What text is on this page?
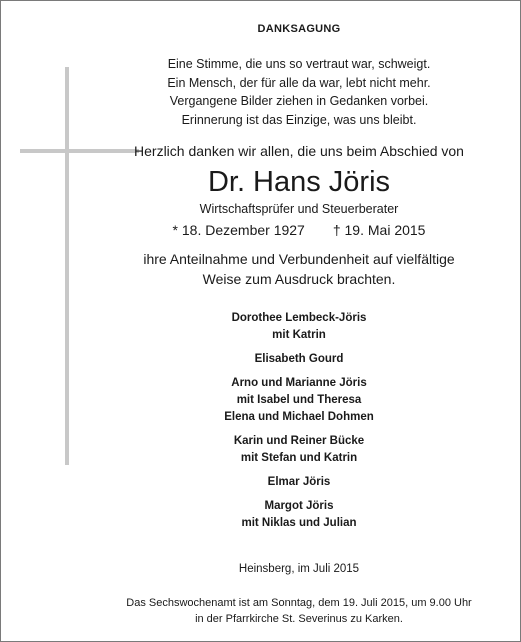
DANKSAGUNG
Eine Stimme, die uns so vertraut war, schweigt.
Ein Mensch, der für alle da war, lebt nicht mehr.
Vergangene Bilder ziehen in Gedanken vorbei.
Erinnerung ist das Einzige, was uns bleibt.
Herzlich danken wir allen, die uns beim Abschied von
Dr. Hans Jöris
Wirtschaftsprüfer und Steuerberater
* 18. Dezember 1927 † 19. Mai 2015
ihre Anteilnahme und Verbundenheit auf vielfältige Weise zum Ausdruck brachten.
Dorothee Lembeck-Jöris
mit Katrin
Elisabeth Gourd
Arno und Marianne Jöris
mit Isabel und Theresa
Elena und Michael Dohmen
Karin und Reiner Bücke
mit Stefan und Katrin
Elmar Jöris
Margot Jöris
mit Niklas und Julian
Heinsberg, im Juli 2015
Das Sechswochenamt ist am Sonntag, dem 19. Juli 2015, um 9.00 Uhr
in der Pfarrkirche St. Severinus zu Karken.
